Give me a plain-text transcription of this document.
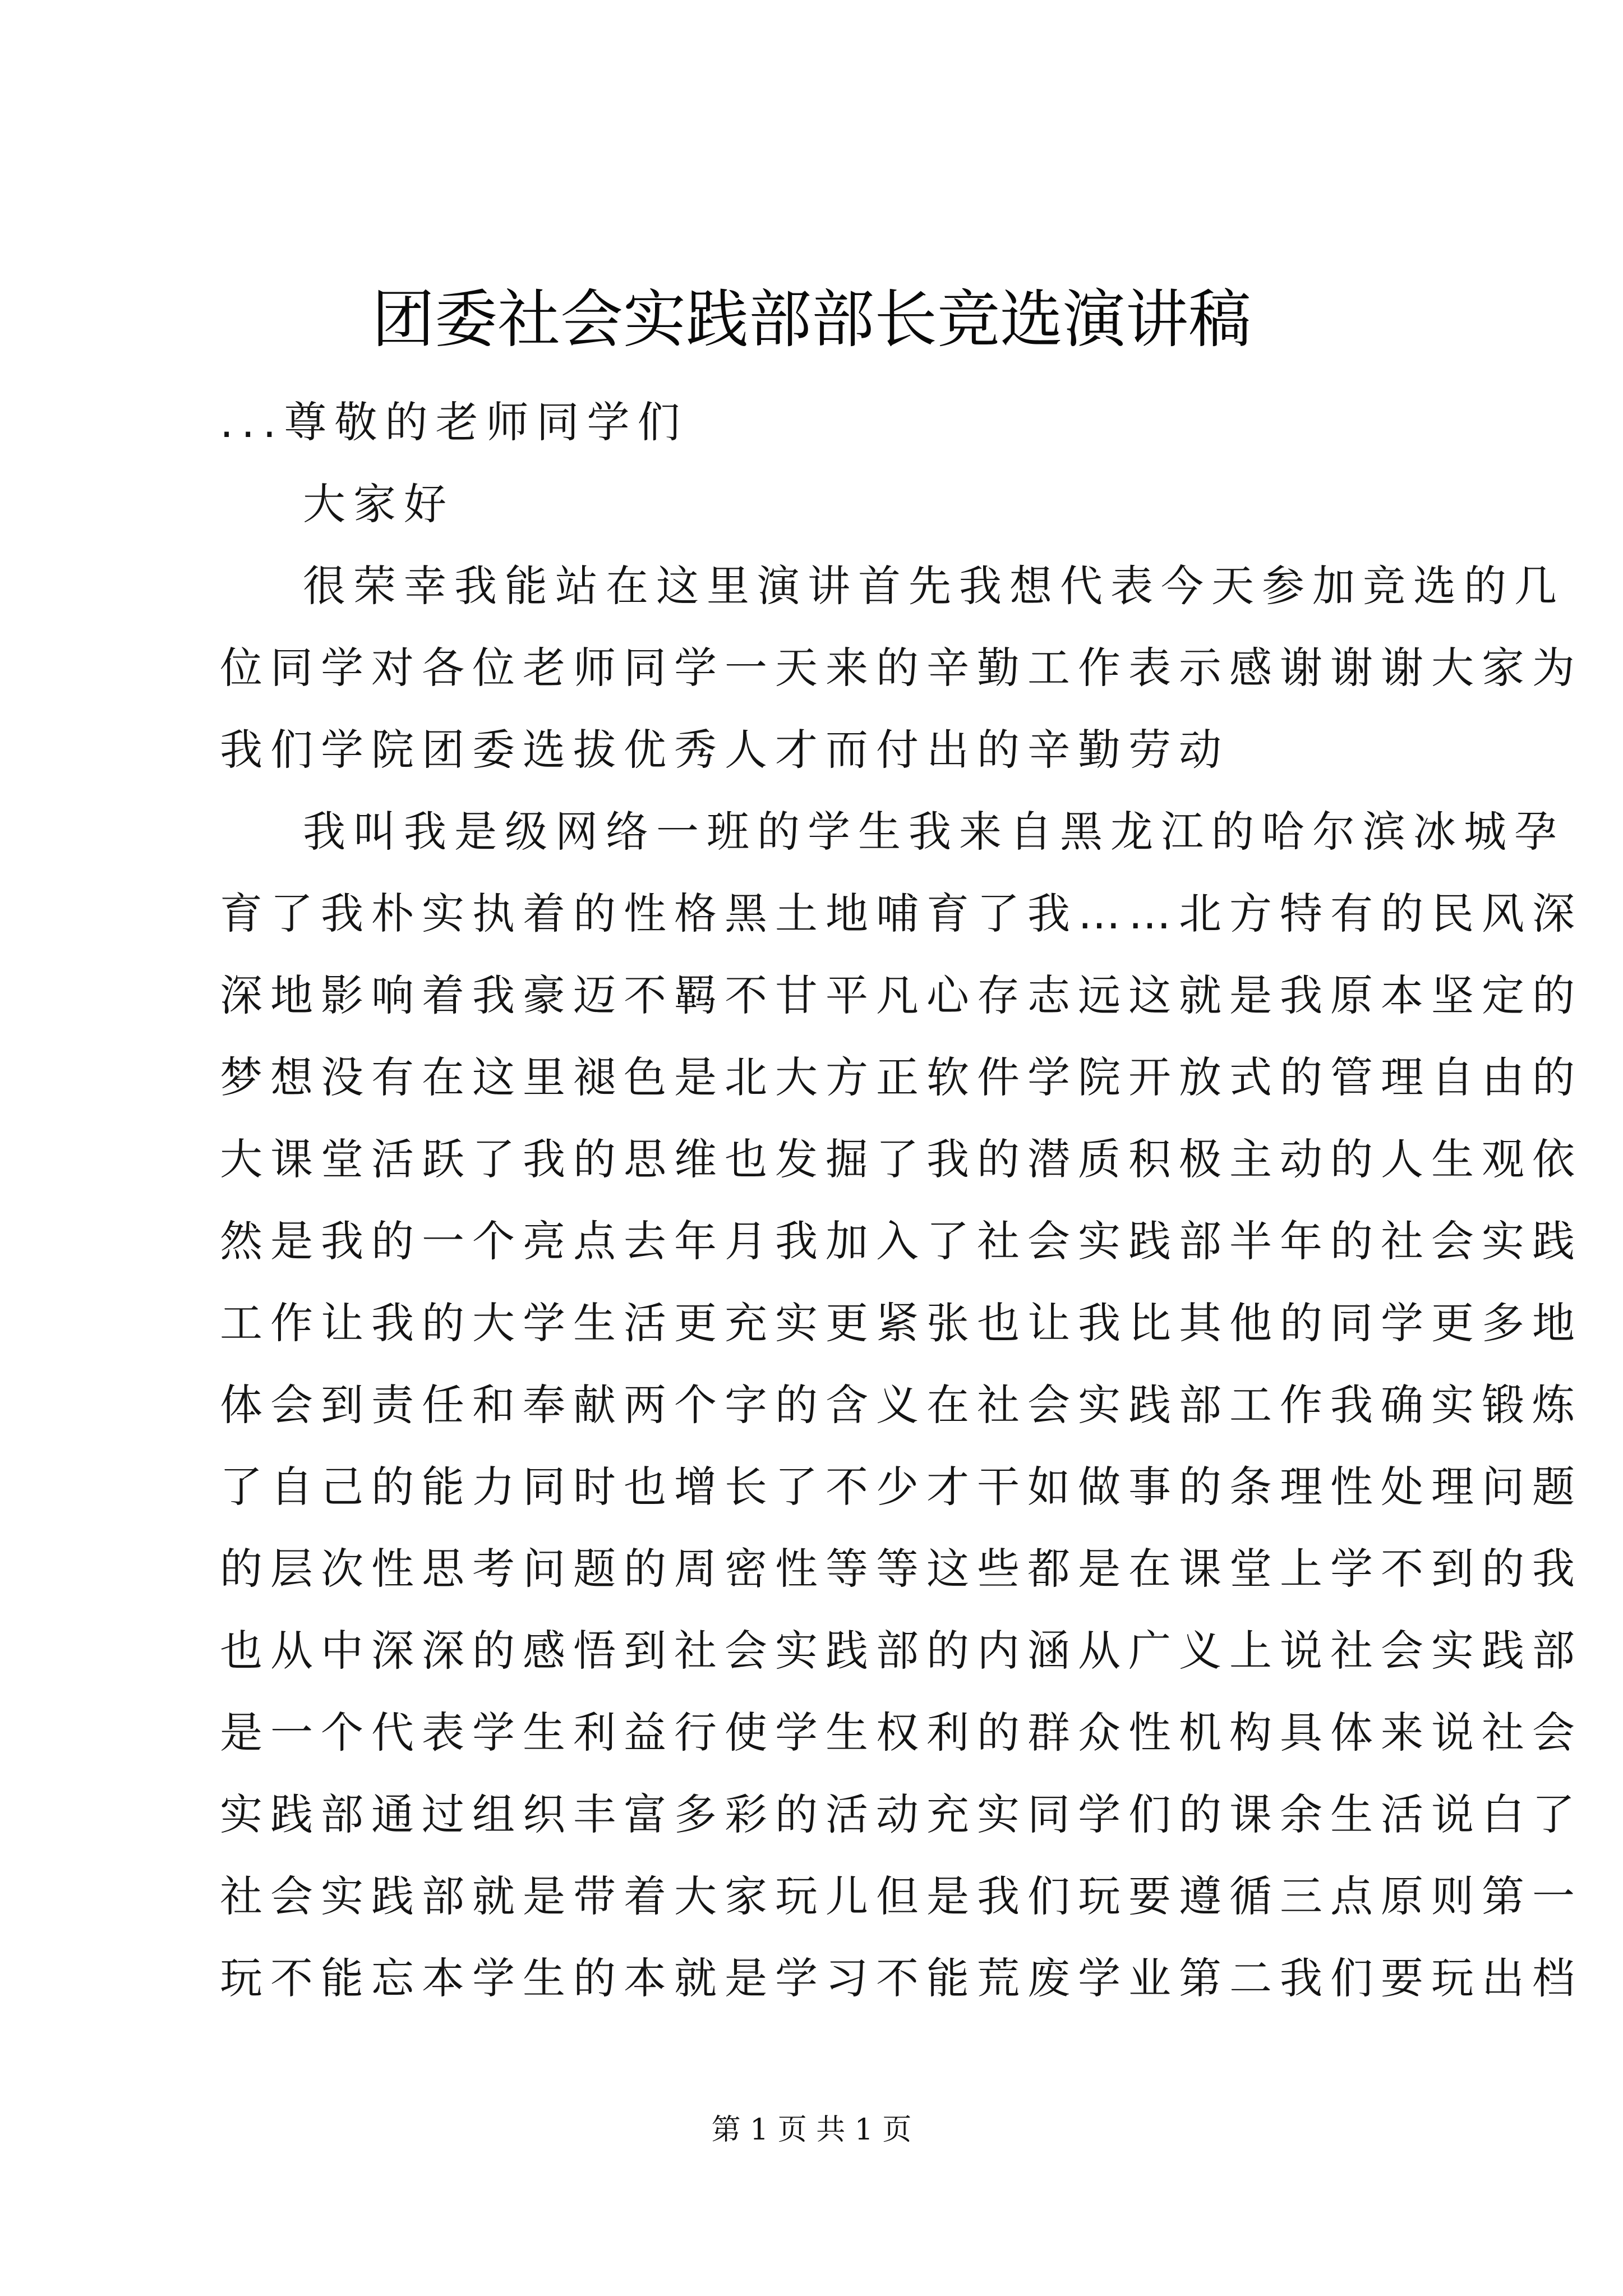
团委社会实践部部长竞选演讲稿
...尊敬的老师同学们
大家好
很荣幸我能站在这里演讲首先我想代表今天参加竞选的几
位同学对各位老师同学一天来的辛勤工作表示感谢谢谢大家为
我们学院团委选拔优秀人才而付出的辛勤劳动
我叫我是级网络一班的学生我来自黑龙江的哈尔滨冰城孕
育了我朴实执着的性格黑土地哺育了我……北方特有的民风深
深地影响着我豪迈不羁不甘平凡心存志远这就是我原本坚定的
梦想没有在这里褪色是北大方正软件学院开放式的管理自由的
大课堂活跃了我的思维也发掘了我的潜质积极主动的人生观依
然是我的一个亮点去年月我加入了社会实践部半年的社会实践
工作让我的大学生活更充实更紧张也让我比其他的同学更多地
体会到责任和奉献两个字的含义在社会实践部工作我确实锻炼
了自己的能力同时也增长了不少才干如做事的条理性处理问题
的层次性思考问题的周密性等等这些都是在课堂上学不到的我
也从中深深的感悟到社会实践部的内涵从广义上说社会实践部
是一个代表学生利益行使学生权利的群众性机构具体来说社会
实践部通过组织丰富多彩的活动充实同学们的课余生活说白了
社会实践部就是带着大家玩儿但是我们玩要遵循三点原则第一
玩不能忘本学生的本就是学习不能荒废学业第二我们要玩出档
第 1 页 共 1 页
